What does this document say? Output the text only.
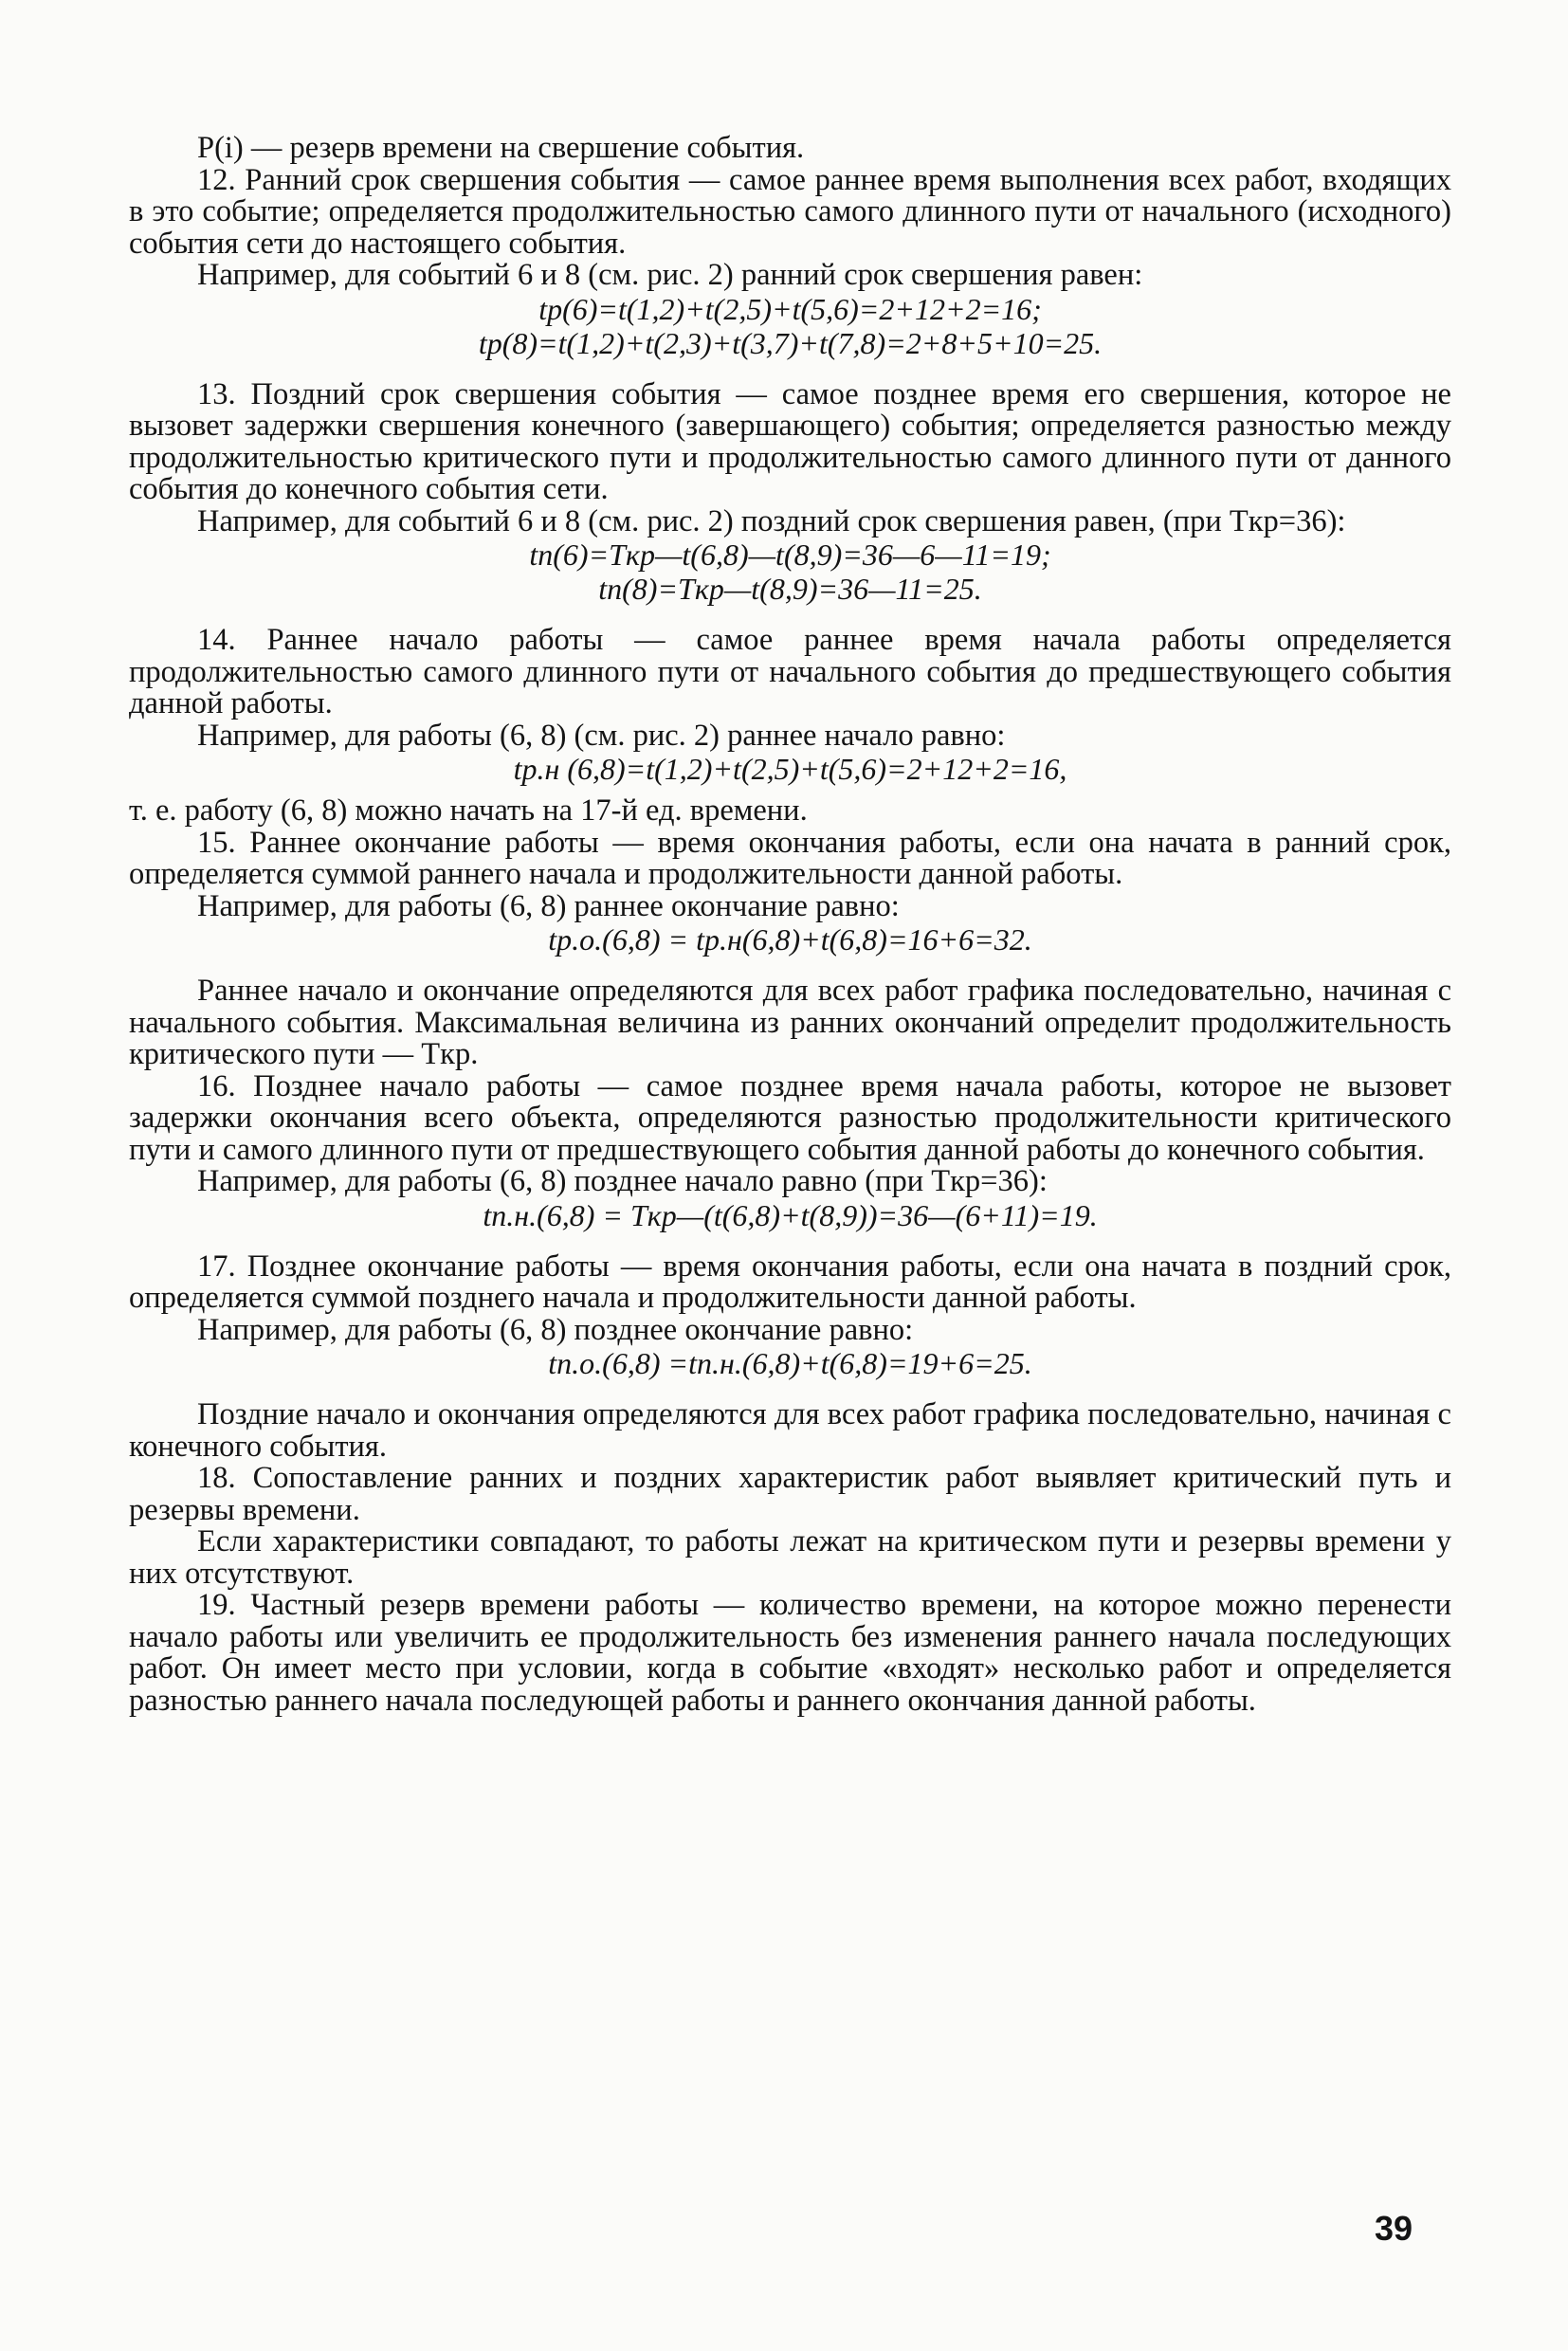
P(i) — резерв времени на свершение события.

12. Ранний срок свершения события — самое раннее время выполнения всех работ, входящих в это событие; определяется продолжительностью самого длинного пути от начального (исходного) события сети до настоящего события.

Например, для событий 6 и 8 (см. рис. 2) ранний срок свершения равен:

tр(6)=t(1,2)+t(2,5)+t(5,6)=2+12+2=16;
tр(8)=t(1,2)+t(2,3)+t(3,7)+t(7,8)=2+8+5+10=25.

13. Поздний срок свершения события — самое позднее время его свершения, которое не вызовет задержки свершения конечного (завершающего) события; определяется разностью между продолжительностью критического пути и продолжительностью самого длинного пути от данного события до конечного события сети.

Например, для событий 6 и 8 (см. рис. 2) поздний срок свершения равен, (при Tкр=36):

tп(6)=Tкр—t(6,8)—t(8,9)=36—6—11=19;
tп(8)=Tкр—t(8,9)=36—11=25.

14. Раннее начало работы — самое раннее время начала работы определяется продолжительностью самого длинного пути от начального события до предшествующего события данной работы.

Например, для работы (6, 8) (см. рис. 2) раннее начало равно:

tр.н (6,8)=t(1,2)+t(2,5)+t(5,6)=2+12+2=16,

т. е. работу (6, 8) можно начать на 17-й ед. времени.

15. Раннее окончание работы — время окончания работы, если она начата в ранний срок, определяется суммой раннего начала и продолжительности данной работы.

Например, для работы (6, 8) раннее окончание равно:

tр.о.(6,8) = tр.н(6,8)+t(6,8)=16+6=32.

Раннее начало и окончание определяются для всех работ графика последовательно, начиная с начального события. Максимальная величина из ранних окончаний определит продолжительность критического пути — Tкр.

16. Позднее начало работы — самое позднее время начала работы, которое не вызовет задержки окончания всего объекта, определяются разностью продолжительности критического пути и самого длинного пути от предшествующего события данной работы до конечного события.

Например, для работы (6, 8) позднее начало равно (при Tкр=36):

tп.н.(6,8) = Tкр—(t(6,8)+t(8,9))=36—(6+11)=19.

17. Позднее окончание работы — время окончания работы, если она начата в поздний срок, определяется суммой позднего начала и продолжительности данной работы.

Например, для работы (6, 8) позднее окончание равно:

tп.о.(6,8) =tп.н.(6,8)+t(6,8)=19+6=25.

Поздние начало и окончания определяются для всех работ графика последовательно, начиная с конечного события.

18. Сопоставление ранних и поздних характеристик работ выявляет критический путь и резервы времени.

Если характеристики совпадают, то работы лежат на критическом пути и резервы времени у них отсутствуют.

19. Частный резерв времени работы — количество времени, на которое можно перенести начало работы или увеличить ее продолжительность без изменения раннего начала последующих работ. Он имеет место при условии, когда в событие «входят» несколько работ и определяется разностью раннего начала последующей работы и раннего окончания данной работы.

39
